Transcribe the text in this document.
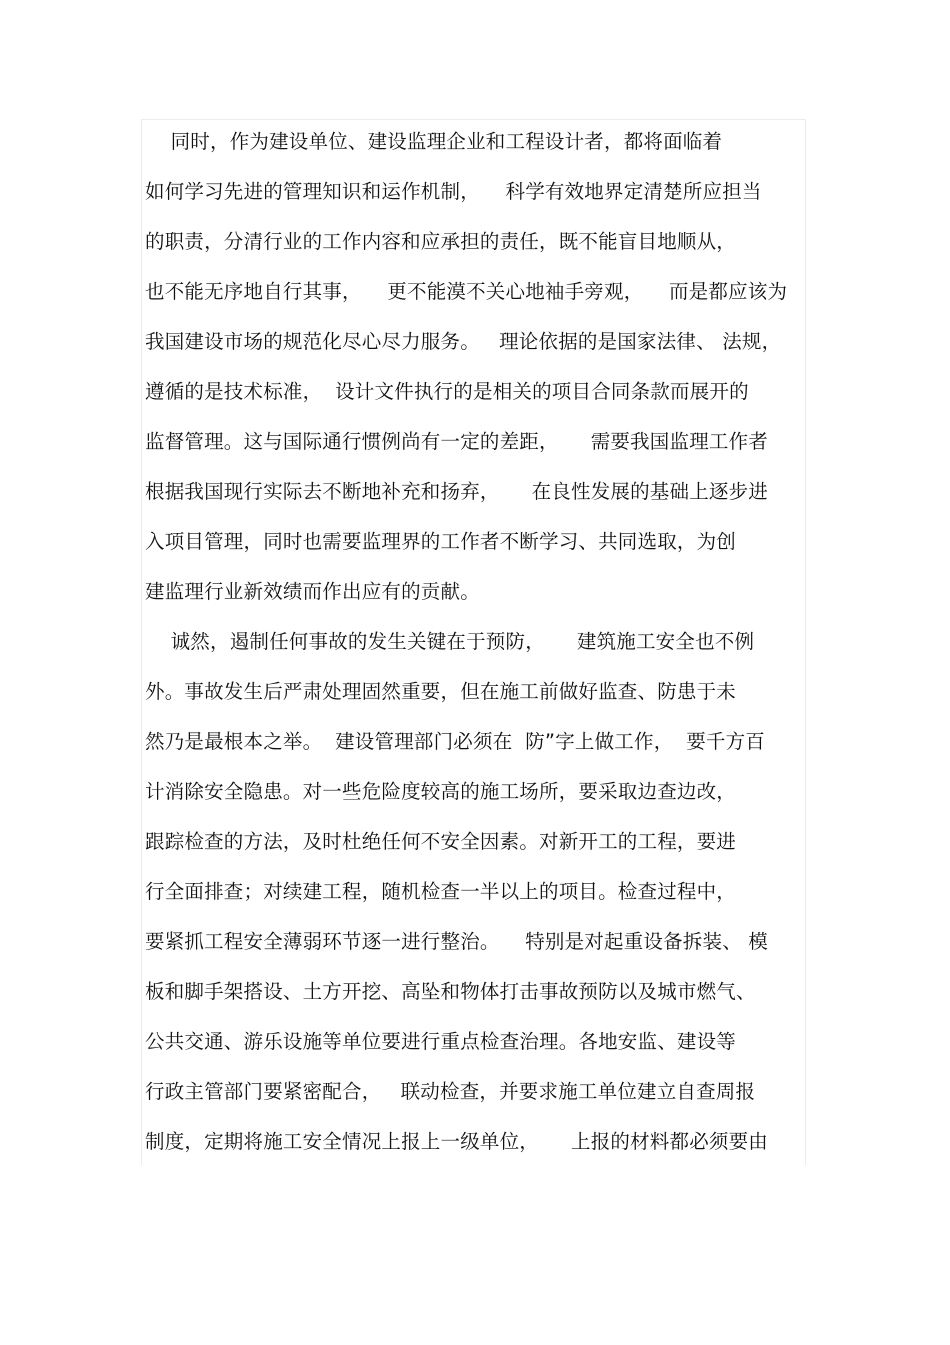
同时，作为建设单位、建设监理企业和工程设计者，都将面临着
如何学习先进的管理知识和运作机制，    科学有效地界定清楚所应担当
的职责，分清行业的工作内容和应承担的责任，既不能盲目地顺从，
也不能无序地自行其事，    更不能漠不关心地袖手旁观，    而是都应该为
我国建设市场的规范化尽心尽力服务。   理论依据的是国家法律、 法规，
遵循的是技术标准，  设计文件执行的是相关的项目合同条款而展开的
监督管理。这与国际通行惯例尚有一定的差距，     需要我国监理工作者
根据我国现行实际去不断地补充和扬弃，     在良性发展的基础上逐步进
入项目管理，同时也需要监理界的工作者不断学习、共同选取，为创
建监理行业新效绩而作出应有的贡献。
诚然，遏制任何事故的发生关键在于预防，     建筑施工安全也不例
外。事故发生后严肃处理固然重要，但在施工前做好监查、防患于未
然乃是最根本之举。  建设管理部门必须在  防”字上做工作，  要千方百
计消除安全隐患。对一些危险度较高的施工场所，要采取边查边改，
跟踪检查的方法，及时杜绝任何不安全因素。对新开工的工程，要进
行全面排查；对续建工程，随机检查一半以上的项目。检查过程中，
要紧抓工程安全薄弱环节逐一进行整治。    特别是对起重设备拆装、 模
板和脚手架搭设、土方开挖、高坠和物体打击事故预防以及城市燃气、
公共交通、游乐设施等单位要进行重点检查治理。各地安监、建设等
行政主管部门要紧密配合，   联动检查，并要求施工单位建立自查周报
制度，定期将施工安全情况上报上一级单位，     上报的材料都必须要由
